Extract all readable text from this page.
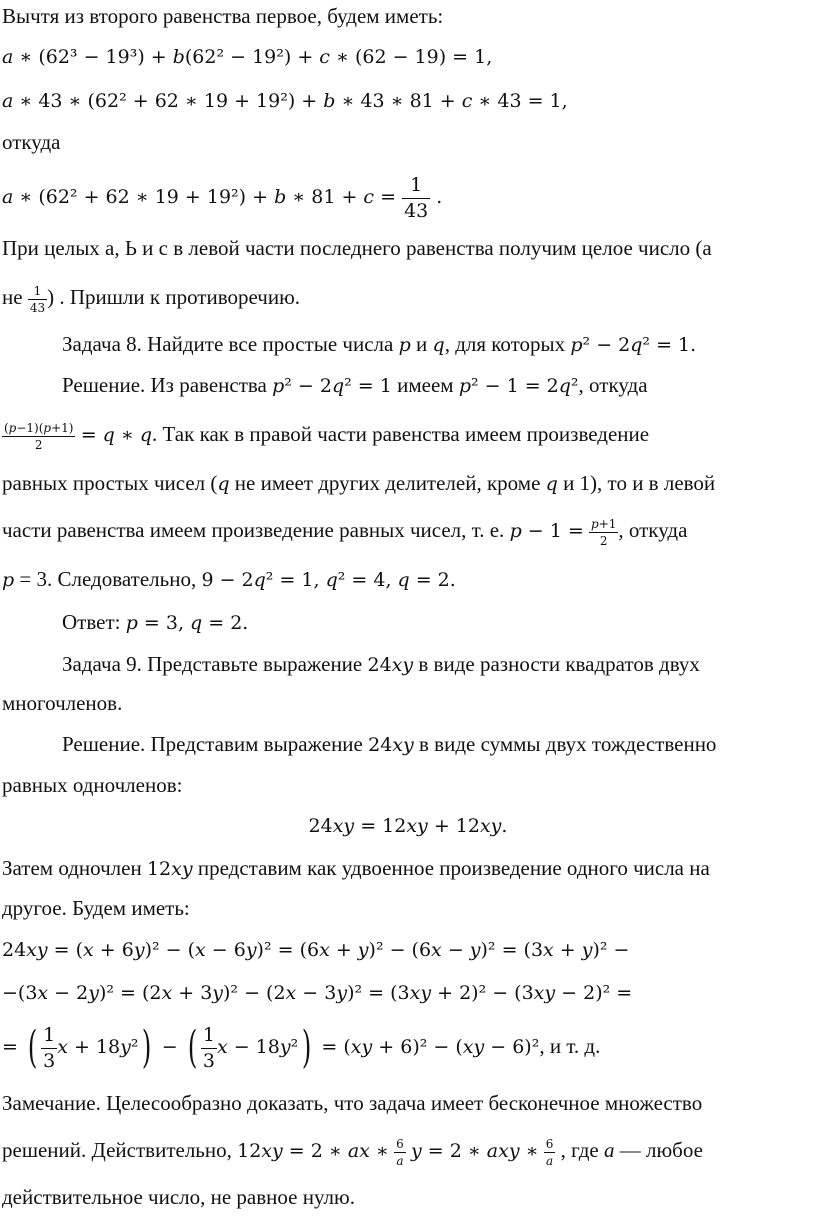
Вычтя из второго равенства первое, будем иметь:
𝑎 ∗ (62³ − 19³) + 𝑏(62² − 19²) + 𝑐 ∗ (62 − 19) = 1,
𝑎 ∗ 43 ∗ (62² + 62 ∗ 19 + 19²) + 𝑏 ∗ 43 ∗ 81 + 𝑐 ∗ 43 = 1,
откуда
𝑎 ∗ (62² + 62 ∗ 19 + 19²) + 𝑏 ∗ 81 + 𝑐 = $\frac{1}{43}$ .
При целых a, Ь и с в левой части последнего равенства получим целое число (a
не $\frac{1}{43}$ ) . Пришли к противоречию.
Задача 8. Найдите все простые числа 𝑝 и 𝑞, для которых 𝑝² − 2𝑞² = 1.
Решение. Из равенства 𝑝² − 2𝑞² = 1 имеем 𝑝² − 1 = 2𝑞², откуда
$\frac{\text{(𝑝−1)(𝑝+1)}}{2}$ = 𝑞 ∗ 𝑞. Так как в правой части равенства имеем произведение
равных простых чисел (𝑞 не имеет других делителей, кроме 𝑞 и 1), то и в левой
части равенства имеем произведение равных чисел, т. е. 𝑝 − $1 = \frac{\text{𝑝+1}}{2}$ , откуда
p = 3. Следовательно, 9 − 2𝑞² = 1, 𝑞² = 4, 𝑞 = 2.
Ответ: 𝑝 = 3, 𝑞 = 2.
Задача 9. Представьте выражение 24𝑥𝑦 в виде разности квадратов двух
многочленов.
Решение. Представим выражение 24𝑥𝑦 в виде суммы двух тождественно
равных одночленов:
24𝑥𝑦 = 12𝑥𝑦 + 12𝑥𝑦.
Затем одночлен 12𝑥𝑦 представим как удвоенное произведение одного числа на
другое. Будем иметь:
24𝑥𝑦 = (𝑥 + 6𝑦)² − (𝑥 − 6𝑦)² = (6𝑥 + 𝑦)² − (6𝑥 − 𝑦)² = (3𝑥 + 𝑦)² −
−(3𝑥 − 2𝑦)² = (2𝑥 + 3𝑦)² − (2𝑥 − 3𝑦)² = (3𝑥𝑦 + 2)² − (3𝑥𝑦 − 2)² =
= ( $\frac{1}{3}$ 𝑥 + 18𝑦²) − ( $\frac{1}{3}$ 𝑥 − 18𝑦²) = (𝑥𝑦 + 6)² − (𝑥𝑦 − 6)², и т. д.
Замечание. Целесообразно доказать, что задача имеет бесконечное множество
решений. Действительно, 12𝑥𝑦 = 2 ∗ 𝑎𝑥 ∗ $\frac{6}{\text{𝑎}}$ 𝑦 = 2 ∗ 𝑎𝑥𝑦 ∗ $\frac{6}{\text{𝑎}}$ , где a — любое
действительное число, не равное нулю.
